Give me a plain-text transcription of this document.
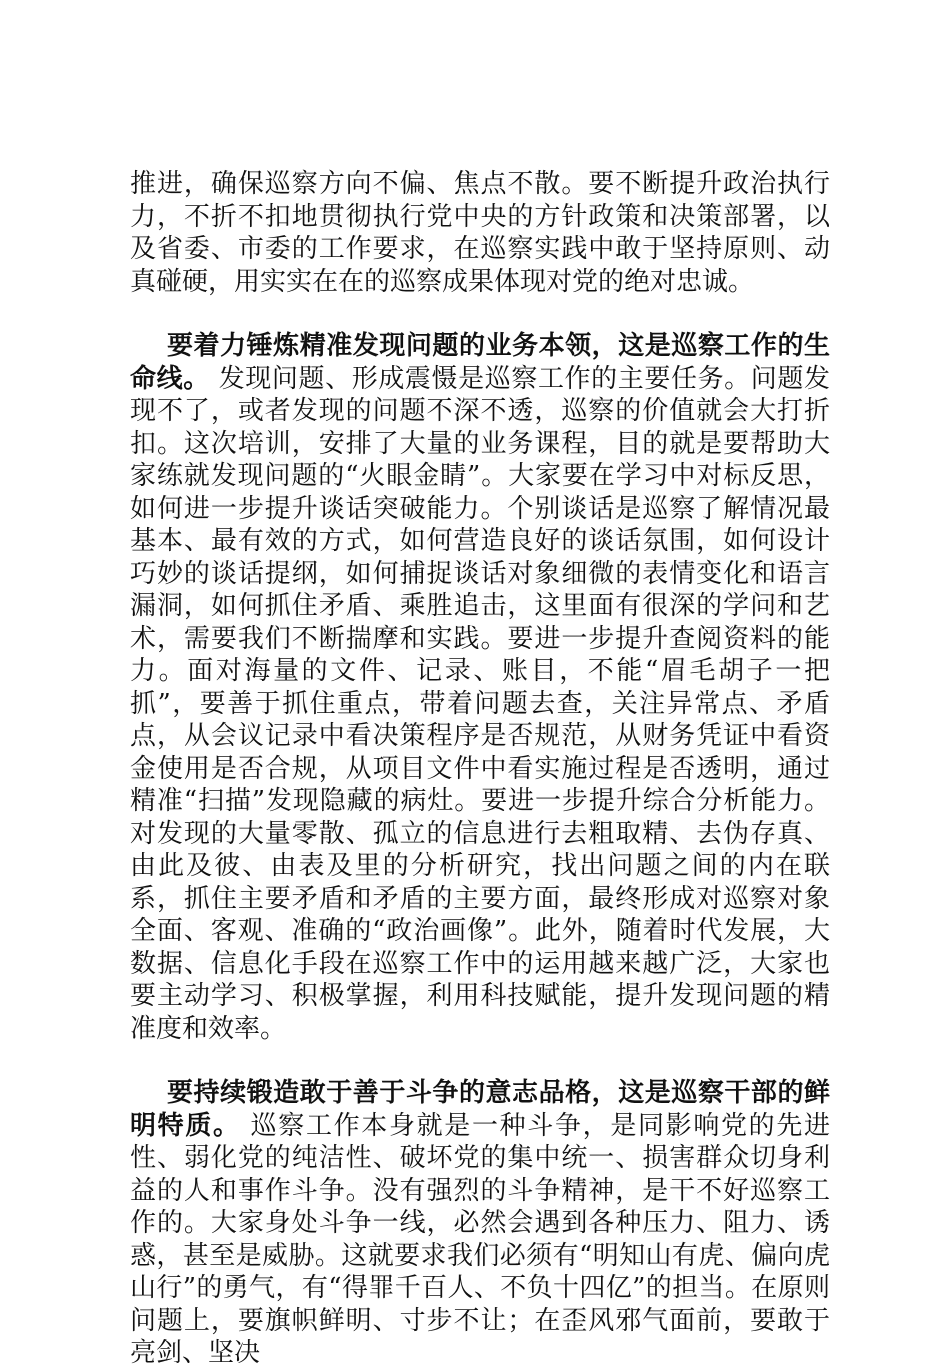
推进，确保巡察方向不偏、焦点不散。要不断提升政治执行力，不折不扣地贯彻执行党中央的方针政策和决策部署，以及省委、市委的工作要求，在巡察实践中敢于坚持原则、动真碰硬，用实实在在的巡察成果体现对党的绝对忠诚。

要着力锤炼精准发现问题的业务本领，这是巡察工作的生命线。 发现问题、形成震慑是巡察工作的主要任务。问题发现不了，或者发现的问题不深不透，巡察的价值就会大打折扣。这次培训，安排了大量的业务课程，目的就是要帮助大家练就发现问题的“火眼金睛”。大家要在学习中对标反思，如何进一步提升谈话突破能力。个别谈话是巡察了解情况最基本、最有效的方式，如何营造良好的谈话氛围，如何设计巧妙的谈话提纲，如何捕捉谈话对象细微的表情变化和语言漏洞，如何抓住矛盾、乘胜追击，这里面有很深的学问和艺术，需要我们不断揣摩和实践。要进一步提升查阅资料的能力。面对海量的文件、记录、账目，不能“眉毛胡子一把抓”，要善于抓住重点，带着问题去查，关注异常点、矛盾点，从会议记录中看决策程序是否规范，从财务凭证中看资金使用是否合规，从项目文件中看实施过程是否透明，通过精准“扫描”发现隐藏的病灶。要进一步提升综合分析能力。对发现的大量零散、孤立的信息进行去粗取精、去伪存真、由此及彼、由表及里的分析研究，找出问题之间的内在联系，抓住主要矛盾和矛盾的主要方面，最终形成对巡察对象全面、客观、准确的“政治画像”。此外，随着时代发展，大数据、信息化手段在巡察工作中的运用越来越广泛，大家也要主动学习、积极掌握，利用科技赋能，提升发现问题的精准度和效率。

要持续锻造敢于善于斗争的意志品格，这是巡察干部的鲜明特质。 巡察工作本身就是一种斗争，是同影响党的先进性、弱化党的纯洁性、破坏党的集中统一、损害群众切身利益的人和事作斗争。没有强烈的斗争精神，是干不好巡察工作的。大家身处斗争一线，必然会遇到各种压力、阻力、诱惑，甚至是威胁。这就要求我们必须有“明知山有虎、偏向虎山行”的勇气，有“得罪千百人、不负十四亿”的担当。在原则问题上，要旗帜鲜明、寸步不让；在歪风邪气面前，要敢于亮剑、坚决
